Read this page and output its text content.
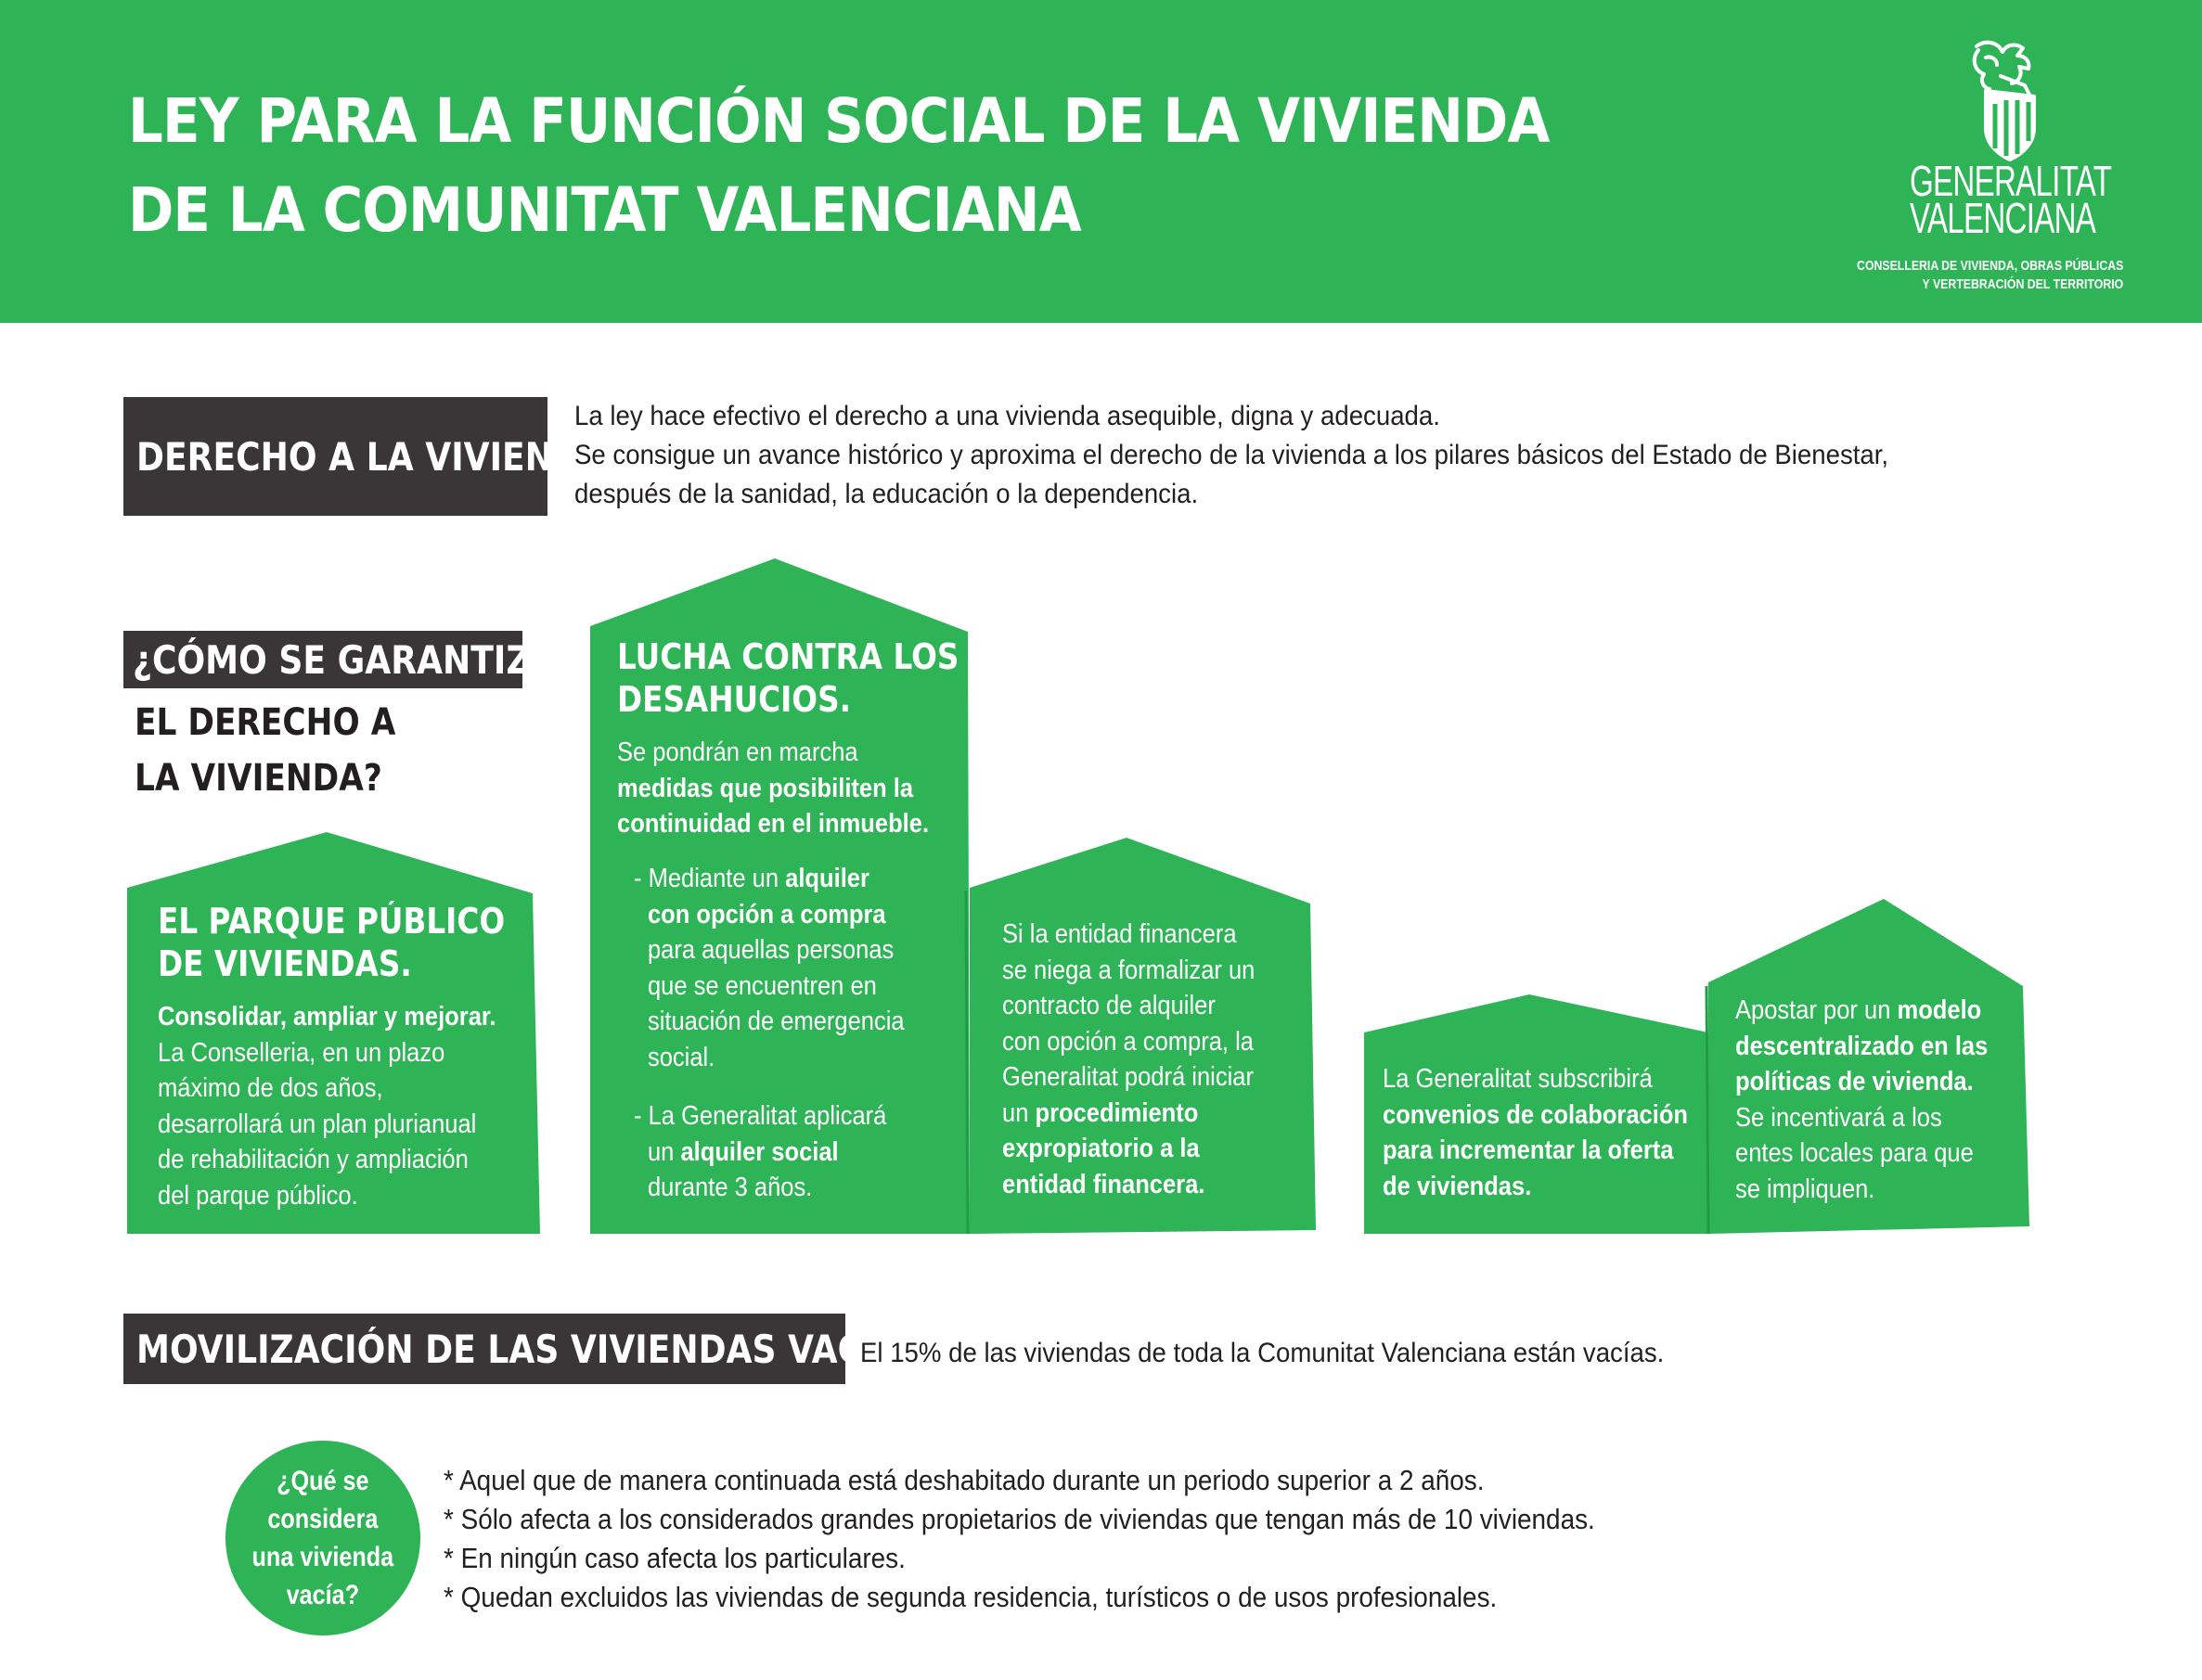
LEY PARA LA FUNCIÓN SOCIAL DE LA VIVIENDA
DE LA COMUNITAT VALENCIANA	GENERALITAT
VALENCIANA
CONSELLERIA DE VIVIENDA, OBRAS PÚBLICAS
Y VERTEBRACIÓN DEL TERRITORIO
DERECHO A LA VIVIENDA
La ley hace efectivo el derecho a una vivienda asequible, digna y adecuada.
Se consigue un avance histórico y aproxima el derecho de la vivienda a los pilares básicos del Estado de Bienestar,
después de la sanidad, la educación o la dependencia.
¿CÓMO SE GARANTIZA
EL DERECHO A
LA VIVIENDA?
EL PARQUE PÚBLICO
DE VIVIENDAS.
Consolidar, ampliar y mejorar.
La Conselleria, en un plazo
máximo de dos años,
desarrollará un plan plurianual
de rehabilitación y ampliación
del parque público.
LUCHA CONTRA LOS
DESAHUCIOS.
Se pondrán en marcha
medidas que posibiliten la
continuidad en el inmueble.
- Mediante un alquiler
con opción a compra
para aquellas personas
que se encuentren en
situación de emergencia
social.
- La Generalitat aplicará
un alquiler social
durante 3 años.
Si la entidad financera
se niega a formalizar un
contracto de alquiler
con opción a compra, la
Generalitat podrá iniciar
un procedimiento
expropiatorio a la
entidad financera.
La Generalitat subscribirá
convenios de colaboración
para incrementar la oferta
de viviendas.
Apostar por un modelo
descentralizado en las
políticas de vivienda.
Se incentivará a los
entes locales para que
se impliquen.
MOVILIZACIÓN DE LAS VIVIENDAS VACÍAS
El 15% de las viviendas de toda la Comunitat Valenciana están vacías.
¿Qué se
considera
una vivienda
vacía?
* Aquel que de manera continuada está deshabitado durante un periodo superior a 2 años.
* Sólo afecta a los considerados grandes propietarios de viviendas que tengan más de 10 viviendas.
* En ningún caso afecta los particulares.
* Quedan excluidos las viviendas de segunda residencia, turísticos o de usos profesionales.
